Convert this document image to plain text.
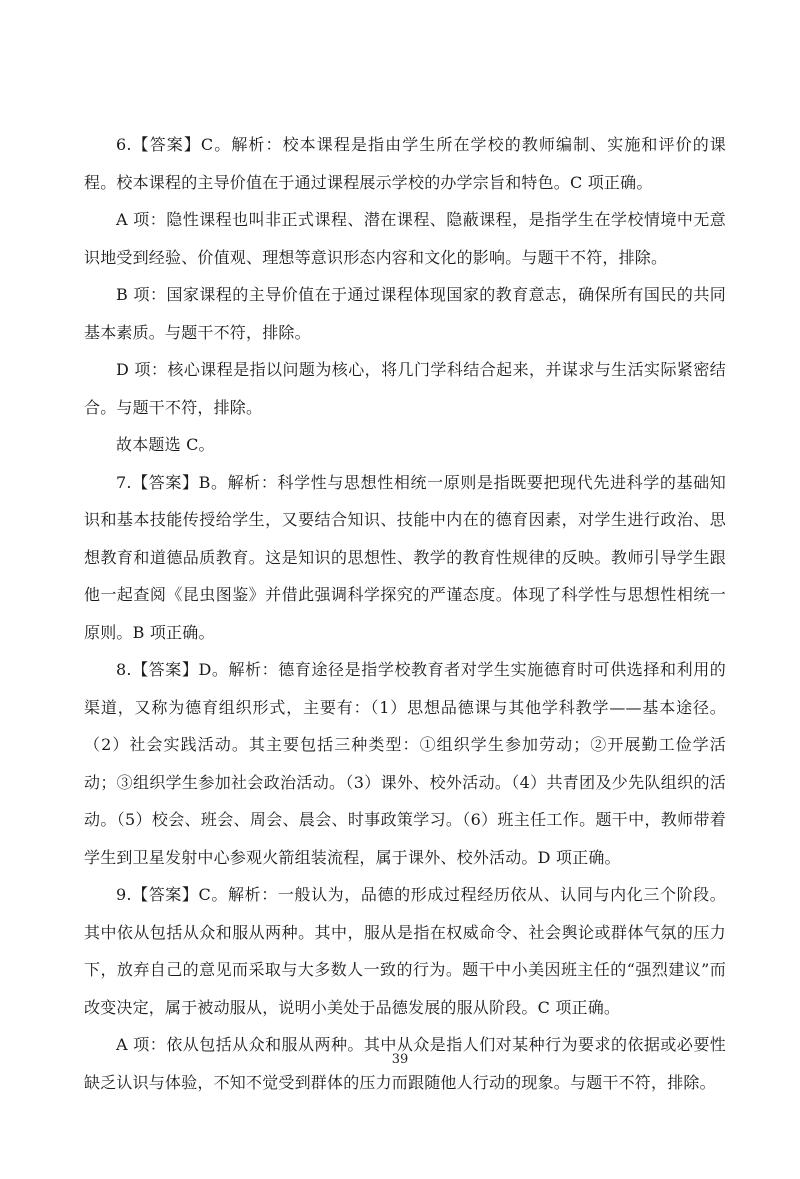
6.【答案】C。解析：校本课程是指由学生所在学校的教师编制、实施和评价的课程。校本课程的主导价值在于通过课程展示学校的办学宗旨和特色。C 项正确。

A 项：隐性课程也叫非正式课程、潜在课程、隐蔽课程，是指学生在学校情境中无意识地受到经验、价值观、理想等意识形态内容和文化的影响。与题干不符，排除。

B 项：国家课程的主导价值在于通过课程体现国家的教育意志，确保所有国民的共同基本素质。与题干不符，排除。

D 项：核心课程是指以问题为核心，将几门学科结合起来，并谋求与生活实际紧密结合。与题干不符，排除。

故本题选 C。

7.【答案】B。解析：科学性与思想性相统一原则是指既要把现代先进科学的基础知识和基本技能传授给学生，又要结合知识、技能中内在的德育因素，对学生进行政治、思想教育和道德品质教育。这是知识的思想性、教学的教育性规律的反映。教师引导学生跟他一起查阅《昆虫图鉴》并借此强调科学探究的严谨态度。体现了科学性与思想性相统一原则。B 项正确。

8.【答案】D。解析：德育途径是指学校教育者对学生实施德育时可供选择和利用的渠道，又称为德育组织形式，主要有：（1）思想品德课与其他学科教学——基本途径。（2）社会实践活动。其主要包括三种类型：①组织学生参加劳动；②开展勤工俭学活动；③组织学生参加社会政治活动。（3）课外、校外活动。（4）共青团及少先队组织的活动。（5）校会、班会、周会、晨会、时事政策学习。（6）班主任工作。题干中，教师带着学生到卫星发射中心参观火箭组装流程，属于课外、校外活动。D 项正确。

9.【答案】C。解析：一般认为，品德的形成过程经历依从、认同与内化三个阶段。其中依从包括从众和服从两种。其中，服从是指在权威命令、社会舆论或群体气氛的压力下，放弃自己的意见而采取与大多数人一致的行为。题干中小美因班主任的“强烈建议”而改变决定，属于被动服从，说明小美处于品德发展的服从阶段。C 项正确。

A 项：依从包括从众和服从两种。其中从众是指人们对某种行为要求的依据或必要性缺乏认识与体验，不知不觉受到群体的压力而跟随他人行动的现象。与题干不符，排除。

39
